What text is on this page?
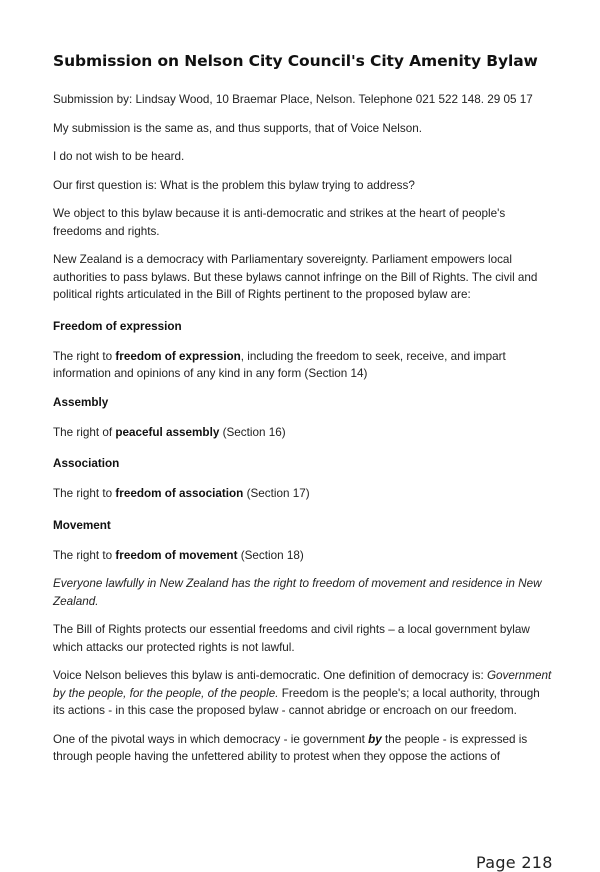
Submission on Nelson City Council's City Amenity Bylaw

Submission by: Lindsay Wood, 10 Braemar Place, Nelson. Telephone 021 522 148. 29 05 17

My submission is the same as, and thus supports, that of Voice Nelson.

I do not wish to be heard.

Our first question is: What is the problem this bylaw trying to address?

We object to this bylaw because it is anti-democratic and strikes at the heart of people's freedoms and rights.

New Zealand is a democracy with Parliamentary sovereignty. Parliament empowers local authorities to pass bylaws. But these bylaws cannot infringe on the Bill of Rights. The civil and political rights articulated in the Bill of Rights pertinent to the proposed bylaw are:

Freedom of expression

The right to freedom of expression, including the freedom to seek, receive, and impart information and opinions of any kind in any form (Section 14)

Assembly

The right of peaceful assembly (Section 16)

Association

The right to freedom of association (Section 17)

Movement

The right to freedom of movement (Section 18)

Everyone lawfully in New Zealand has the right to freedom of movement and residence in New Zealand.

The Bill of Rights protects our essential freedoms and civil rights – a local government bylaw which attacks our protected rights is not lawful.

Voice Nelson believes this bylaw is anti-democratic. One definition of democracy is: Government by the people, for the people, of the people. Freedom is the people's; a local authority, through its actions - in this case the proposed bylaw - cannot abridge or encroach on our freedom.

One of the pivotal ways in which democracy - ie government by the people - is expressed is through people having the unfettered ability to protest when they oppose the actions of

Page 218
